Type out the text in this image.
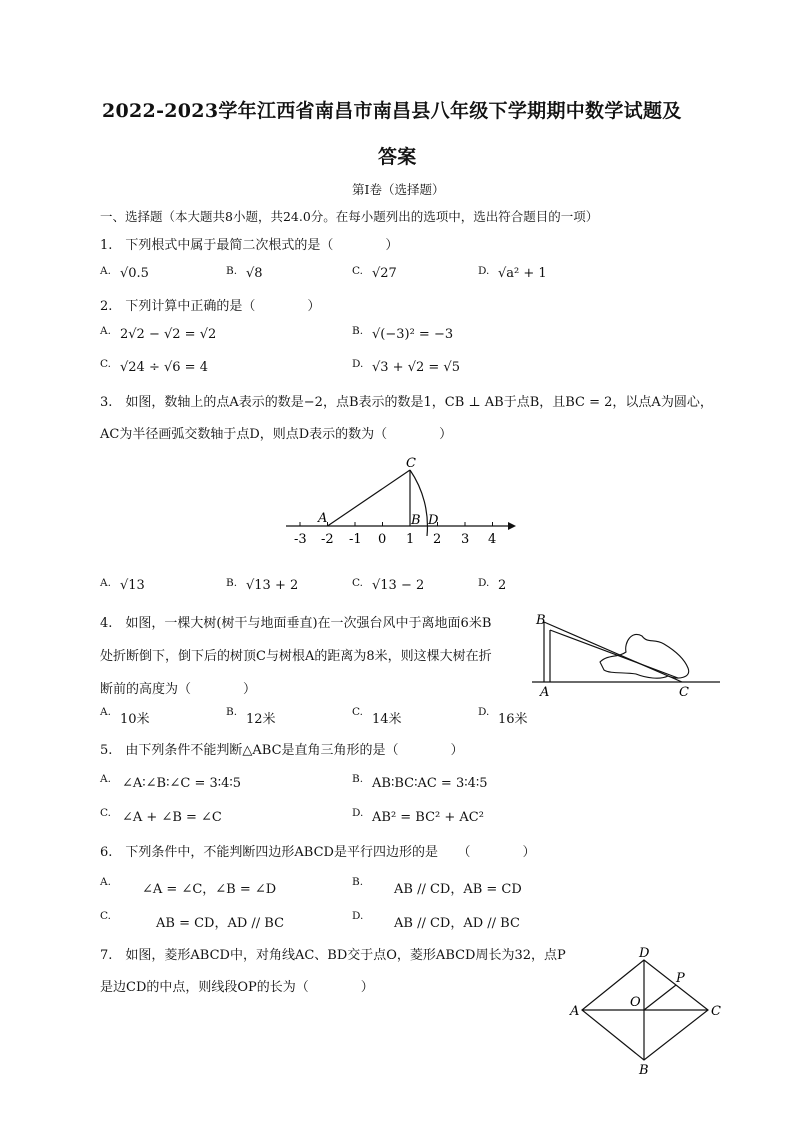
2022-2023学年江西省南昌市南昌县八年级下学期期中数学试题及
答案
第Ⅰ卷（选择题）
一、选择题（本大题共8小题，共24.0分。在每小题列出的选项中，选出符合题目的一项）
1.　下列根式中属于最简二次根式的是（　　　　）
A. √0.5	B. √8	C. √27	D. √a² + 1
2.　下列计算中正确的是（　　　　）
A. 2√2 − √2 = √2	B. √(−3)² = −3
C. √24 ÷ √6 = 4	D. √3 + √2 = √5
3.　如图，数轴上的点A表示的数是−2，点B表示的数是1，CB ⊥ AB于点B，且BC = 2，以点A为圆心，
AC为半径画弧交数轴于点D，则点D表示的数为（　　　　）
A
C
B D
-3 -2 -1 0 1 2 3 4
A. √13	B. √13 + 2	C. √13 − 2	D. 2
4.　如图，一棵大树(树干与地面垂直)在一次强台风中于离地面6米B
处折断倒下，倒下后的树顶C与树根A的距离为8米，则这棵大树在折
断前的高度为（　　　　）
B
A	C
A. 10米	B. 12米	C. 14米	D. 16米
5.　由下列条件不能判断△ABC是直角三角形的是（　　　　）
A. ∠A∶∠B∶∠C = 3∶4∶5	B. AB∶BC∶AC = 3∶4∶5
C. ∠A + ∠B = ∠C	D. AB² = BC² + AC²
6.　下列条件中，不能判断四边形ABCD是平行四边形的是　　（　　　　）
A. ∠A = ∠C，∠B = ∠D	B. AB // CD，AB = CD
C.	AB = CD，AD // BC	D. AB // CD，AD // BC
7.　如图，菱形ABCD中，对角线AC、BD交于点O，菱形ABCD周长为32，点P
是边CD的中点，则线段OP的长为（　　　　）
D
A	C
B
O
P
